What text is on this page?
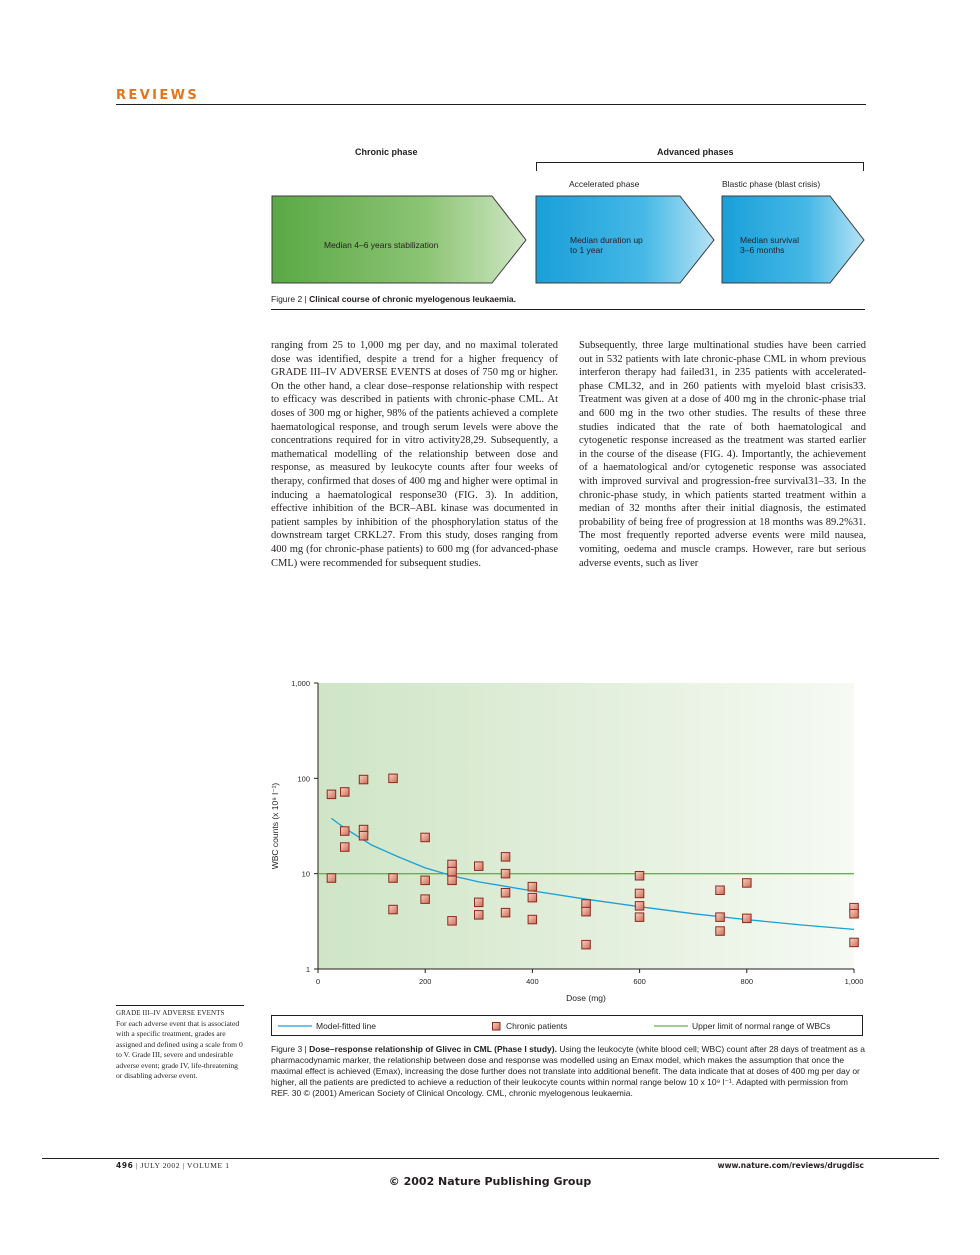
REVIEWS
Chronic phase	Advanced phases
Accelerated phase	Blastic phase (blast crisis)
Median 4–6 years stabilization	Median duration up
to 1 year
Median survival
3–6 months
Figure 2 | Clinical course of chronic myelogenous leukaemia.

ranging from 25 to 1,000 mg per day, and no maximal tolerated dose was identified, despite a trend for a higher frequency of GRADE III–IV ADVERSE EVENTS at doses of 750 mg or higher. On the other hand, a clear dose–response relationship with respect to efficacy was described in patients with chronic-phase CML. At doses of 300 mg or higher, 98% of the patients achieved a complete haematological response, and trough serum levels were above the concentrations required for in vitro activity28,29. Subsequently, a mathematical modelling of the relationship between dose and response, as measured by leukocyte counts after four weeks of therapy, confirmed that doses of 400 mg and higher were optimal in inducing a haematological response30 (FIG. 3). In addition, effective inhibition of the BCR–ABL kinase was documented in patient samples by inhibition of the phosphorylation status of the downstream target CRKL27. From this study, doses ranging from 400 mg (for chronic-phase patients) to 600 mg (for advanced-phase CML) were recommended for subsequent studies.

Subsequently, three large multinational studies have been carried out in 532 patients with late chronic-phase CML in whom previous interferon therapy had failed31, in 235 patients with accelerated-phase CML32, and in 260 patients with myeloid blast crisis33. Treatment was given at a dose of 400 mg in the chronic-phase trial and 600 mg in the two other studies. The results of these three studies indicated that the rate of both haematological and cytogenetic response increased as the treatment was started earlier in the course of the disease (FIG. 4). Importantly, the achievement of a haematological and/or cytogenetic response was associated with improved survival and progression-free survival31–33. In the chronic-phase study, in which patients started treatment within a median of 32 months after their initial diagnosis, the estimated probability of being free of progression at 18 months was 89.2%31. The most frequently reported adverse events were mild nausea, vomiting, oedema and muscle cramps. However, rare but serious adverse events, such as liver

1
10
100
1,000
0	200	400	600	800	1,000
Dose (mg)
WBC counts (x 10⁹ l⁻¹)
Model-fitted line	Chronic patients	Upper limit of normal range of WBCs
Figure 3 | Dose–response relationship of Glivec in CML (Phase I study). Using the leukocyte (white blood cell; WBC) count after 28 days of treatment as a pharmacodynamic marker, the relationship between dose and response was modelled using an Emax model, which makes the assumption that once the maximal effect is achieved (Emax), increasing the dose further does not translate into additional benefit. The data indicate that at doses of 400 mg per day or higher, all the patients are predicted to achieve a reduction of their leukocyte counts within normal range below 10 x 10⁹ l⁻¹. Adapted with permission from REF. 30 © (2001) American Society of Clinical Oncology. CML, chronic myelogenous leukaemia.
GRADE III–IV ADVERSE EVENTS
For each adverse event that is associated with a specific treatment, grades are assigned and defined using a scale from 0 to V. Grade III, severe and undesirable adverse event; grade IV, life-threatening or disabling adverse event.
496 | JULY 2002 | VOLUME 1	www.nature.com/reviews/drugdisc
© 2002 Nature Publishing Group
